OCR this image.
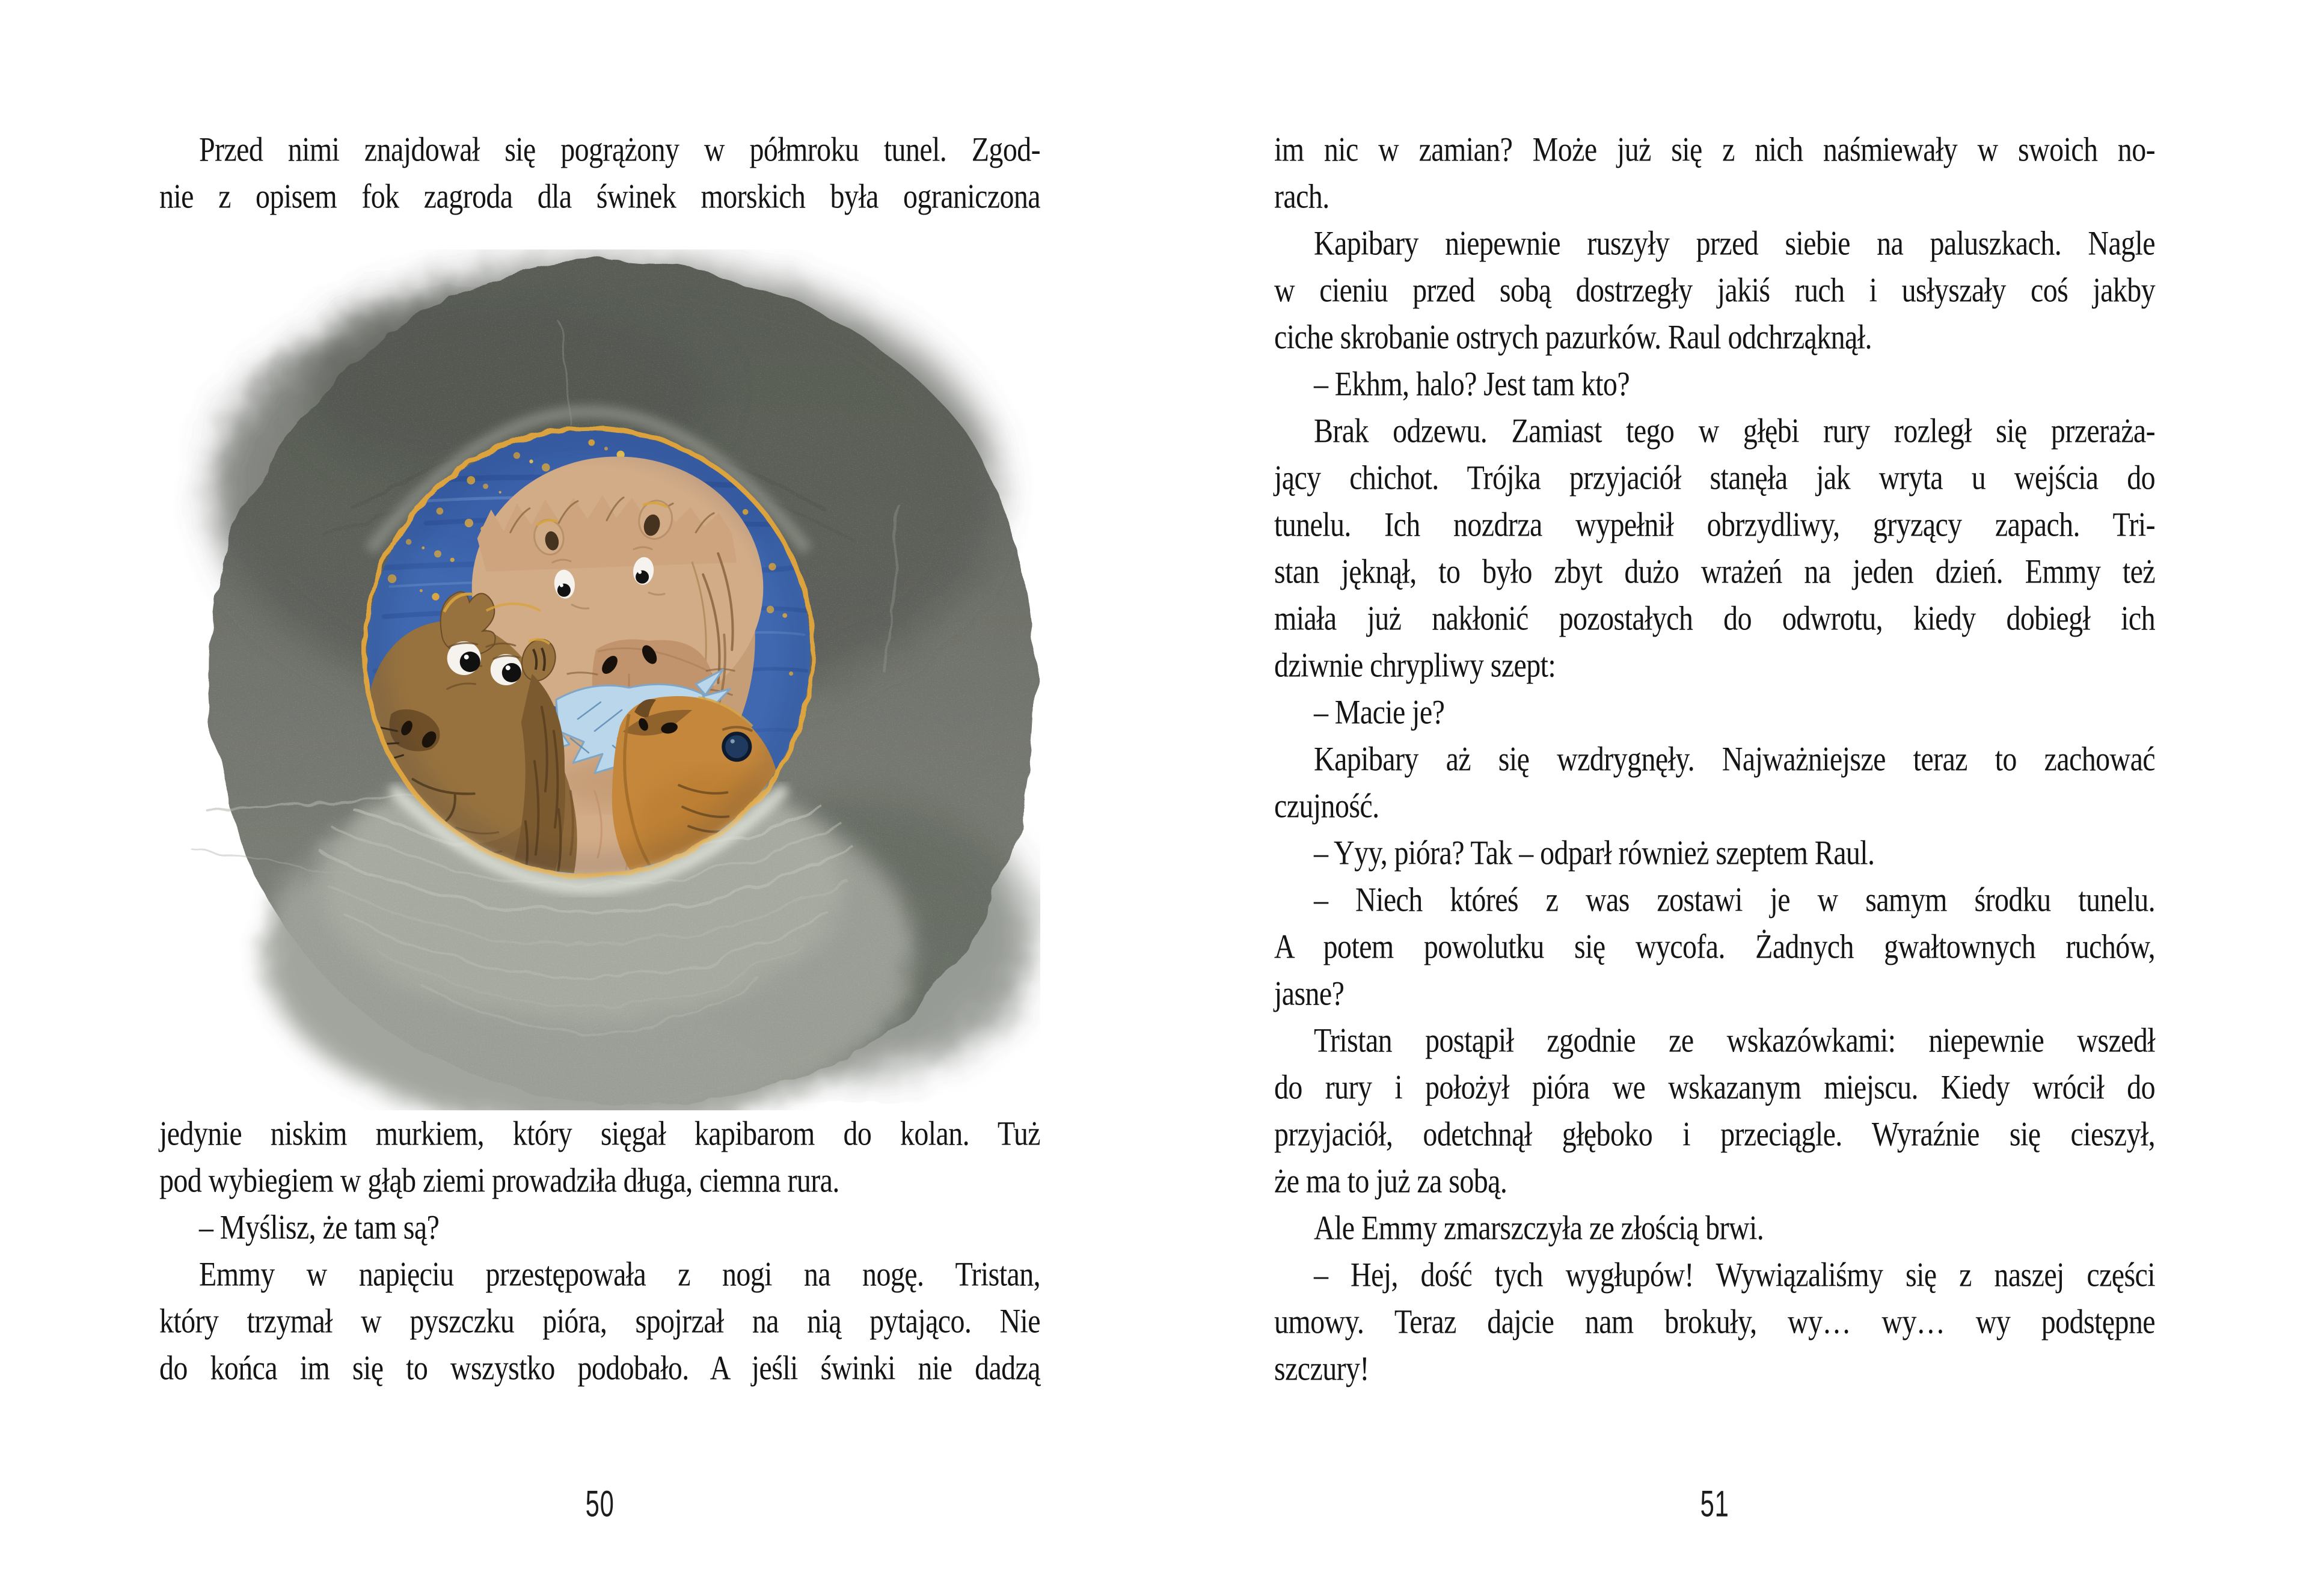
Przed nimi znajdował się pogrążony w półmroku tunel. Zgod-
nie z opisem fok zagroda dla świnek morskich była ograniczona
jedynie niskim murkiem, który sięgał kapibarom do kolan. Tuż
pod wybiegiem w głąb ziemi prowadziła długa, ciemna rura.
– Myślisz, że tam są?
Emmy w napięciu przestępowała z nogi na nogę. Tristan,
który trzymał w pyszczku pióra, spojrzał na nią pytająco. Nie
do końca im się to wszystko podobało. A jeśli świnki nie dadzą
im nic w zamian? Może już się z nich naśmiewały w swoich no-
rach.
Kapibary niepewnie ruszyły przed siebie na paluszkach. Nagle
w cieniu przed sobą dostrzegły jakiś ruch i usłyszały coś jakby
ciche skrobanie ostrych pazurków. Raul odchrząknął.
– Ekhm, halo? Jest tam kto?
Brak odzewu. Zamiast tego w głębi rury rozległ się przeraża-
jący chichot. Trójka przyjaciół stanęła jak wryta u wejścia do
tunelu. Ich nozdrza wypełnił obrzydliwy, gryzący zapach. Tri-
stan jęknął, to było zbyt dużo wrażeń na jeden dzień. Emmy też
miała już nakłonić pozostałych do odwrotu, kiedy dobiegł ich
dziwnie chrypliwy szept:
– Macie je?
Kapibary aż się wzdrygnęły. Najważniejsze teraz to zachować
czujność.
– Yyy, pióra? Tak – odparł również szeptem Raul.
– Niech któreś z was zostawi je w samym środku tunelu.
A potem powolutku się wycofa. Żadnych gwałtownych ruchów,
jasne?
Tristan postąpił zgodnie ze wskazówkami: niepewnie wszedł
do rury i położył pióra we wskazanym miejscu. Kiedy wrócił do
przyjaciół, odetchnął głęboko i przeciągle. Wyraźnie się cieszył,
że ma to już za sobą.
Ale Emmy zmarszczyła ze złością brwi.
– Hej, dość tych wygłupów! Wywiązaliśmy się z naszej części
umowy. Teraz dajcie nam brokuły, wy… wy… wy podstępne
szczury!
50	51
